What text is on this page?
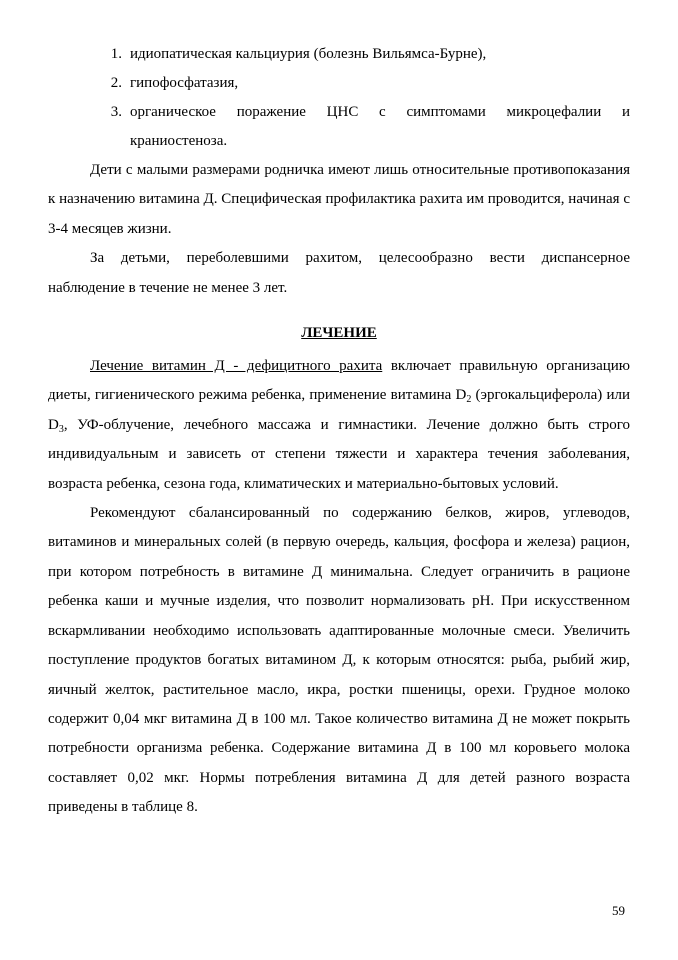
1. идиопатическая кальциурия (болезнь Вильямса-Бурне),
2. гипофосфатазия,
3. органическое поражение ЦНС с симптомами микроцефалии и
краниостеноза.

Дети с малыми размерами родничка имеют лишь относительные противопоказания к назначению витамина Д. Специфическая профилактика рахита им проводится, начиная с 3-4 месяцев жизни.

За детьми, переболевшими рахитом, целесообразно вести диспансерное наблюдение в течение не менее 3 лет.

ЛЕЧЕНИЕ

Лечение витамин Д - дефицитного рахита включает правильную организацию диеты, гигиенического режима ребенка, применение витамина $D_2$ (эргокальциферола) или $D_3$, УФ-облучение, лечебного массажа и гимнастики. Лечение должно быть строго индивидуальным и зависеть от степени тяжести и характера течения заболевания, возраста ребенка, сезона года, климатических и материально-бытовых условий.

Рекомендуют сбалансированный по содержанию белков, жиров, углеводов, витаминов и минеральных солей (в первую очередь, кальция, фосфора и железа) рацион, при котором потребность в витамине Д минимальна. Следует ограничить в рационе ребенка каши и мучные изделия, что позволит нормализовать рН. При искусственном вскармливании необходимо использовать адаптированные молочные смеси. Увеличить поступление продуктов богатых витамином Д, к которым относятся: рыба, рыбий жир, яичный желток, растительное масло, икра, ростки пшеницы, орехи. Грудное молоко содержит 0,04 мкг витамина Д в 100 мл. Такое количество витамина Д не может покрыть потребности организма ребенка. Содержание витамина Д в 100 мл коровьего молока составляет 0,02 мкг. Нормы потребления витамина Д для детей разного возраста приведены в таблице 8.

59
